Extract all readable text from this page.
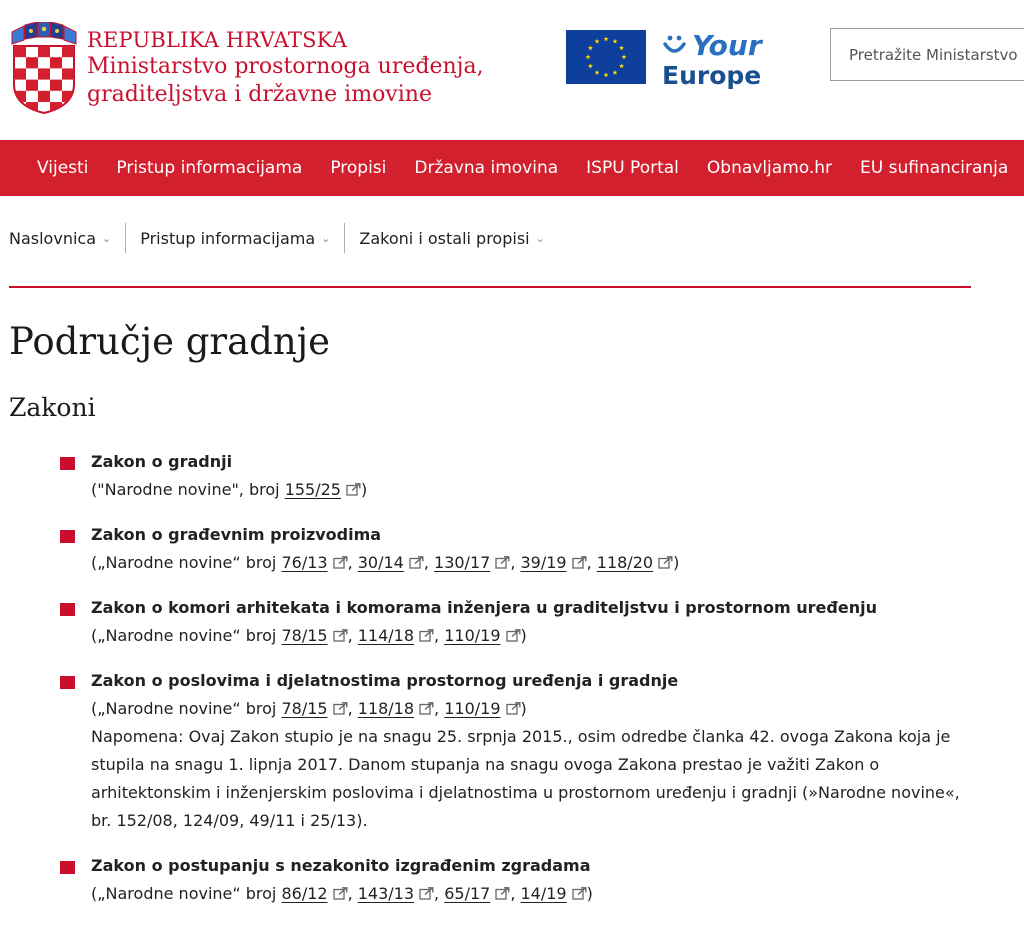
REPUBLIKA HRVATSKA
Ministarstvo prostornoga uređenja,
graditeljstva i državne imovine
Your
Europe
Pretražite Ministarstvo
Vijesti	Pristup informacijama	Propisi	Državna imovina	ISPU Portal	Obnavljamo.hr	EU sufinanciranja
Naslovnica ⌄ Pristup informacijama ⌄ Zakoni i ostali propisi ⌄
Područje gradnje
Zakoni
Zakon o gradnji
("Narodne novine", broj 155/25 )
Zakon o građevnim proizvodima
(„Narodne novine“ broj 76/13 , 30/14 , 130/17 , 39/19 , 118/20 )
Zakon o komori arhitekata i komorama inženjera u graditeljstvu i prostornom uređenju
(„Narodne novine“ broj 78/15 , 114/18 , 110/19 )
Zakon o poslovima i djelatnostima prostornog uređenja i gradnje
(„Narodne novine“ broj 78/15 , 118/18 , 110/19 )
Napomena: Ovaj Zakon stupio je na snagu 25. srpnja 2015., osim odredbe članka 42. ovoga Zakona koja je stupila na snagu 1. lipnja 2017. Danom stupanja na snagu ovoga Zakona prestao je važiti Zakon o arhitektonskim i inženjerskim poslovima i djelatnostima u prostornom uređenju i gradnji (»Narodne novine«, br. 152/08, 124/09, 49/11 i 25/13).
Zakon o postupanju s nezakonito izgrađenim zgradama
(„Narodne novine“ broj 86/12 , 143/13 , 65/17 , 14/19 )
